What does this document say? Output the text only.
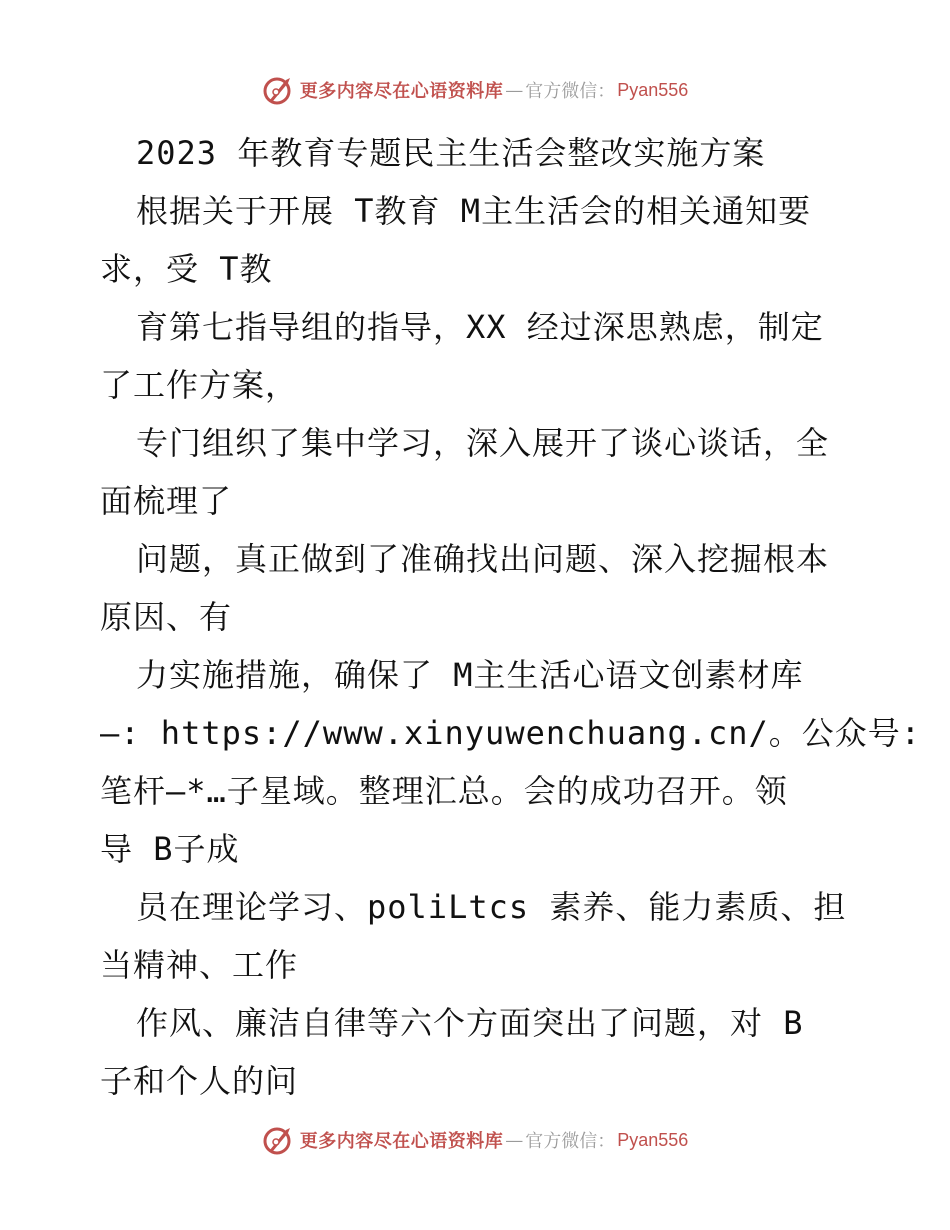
更多内容尽在心语资料库 — 官方微信： Pyan556
2023 年教育专题民主生活会整改实施方案
根据关于开展 T教育 M主生活会的相关通知要
求，受 T教
育第七指导组的指导，XX 经过深思熟虑，制定
了工作方案，
专门组织了集中学习，深入展开了谈心谈话，全
面梳理了
问题，真正做到了准确找出问题、深入挖掘根本
原因、有
力实施措施，确保了 M主生活心语文创素材库
—: https://www.xinyuwenchuang.cn/。公众号:
笔杆—*…子星域。整理汇总。会的成功召开。领
导 B子成
员在理论学习、poliLtcs 素养、能力素质、担
当精神、工作
作风、廉洁自律等六个方面突出了问题，对 B
子和个人的问
更多内容尽在心语资料库 — 官方微信： Pyan556
